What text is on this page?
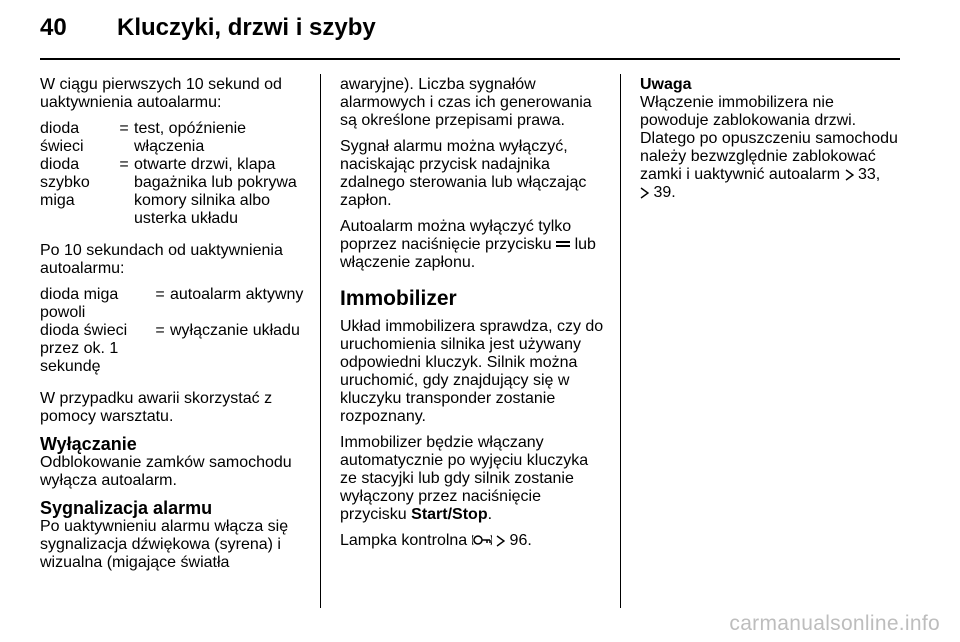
40 Kluczyki, drzwi i szyby

W ciągu pierwszych 10 sekund od uaktywnienia autoalarmu:

dioda świeci
= test, opóźnienie włączenia
dioda szybko miga
= otwarte drzwi, klapa bagażnika lub pokrywa komory silnika albo usterka układu

Po 10 sekundach od uaktywnienia autoalarmu:

dioda miga powoli
= autoalarm aktywny
dioda świeci przez ok. 1 sekundę
= wyłączanie układu

W przypadku awarii skorzystać z pomocy warsztatu.

Wyłączanie

Odblokowanie zamków samochodu wyłącza autoalarm.

Sygnalizacja alarmu

Po uaktywnieniu alarmu włącza się sygnalizacja dźwiękowa (syrena) i wizualna (migające światła

awaryjne). Liczba sygnałów alarmowych i czas ich generowania są określone przepisami prawa.

Sygnał alarmu można wyłączyć, naciskając przycisk nadajnika zdalnego sterowania lub włączając zapłon.

Autoalarm można wyłączyć tylko poprzez naciśnięcie przycisku lub włączenie zapłonu.

Immobilizer

Układ immobilizera sprawdza, czy do uruchomienia silnika jest używany odpowiedni kluczyk. Silnik można uruchomić, gdy znajdujący się w kluczyku transponder zostanie rozpoznany.

Immobilizer będzie włączany automatycznie po wyjęciu kluczyka ze stacyjki lub gdy silnik zostanie wyłączony przez naciśnięcie przycisku Start/Stop.

Lampka kontrolna	96.

Uwaga

Włączenie immobilizera nie powoduje zablokowania drzwi. Dlatego po opuszczeniu samochodu należy bezwzględnie zablokować zamki i uaktywnić autoalarm 33,
39.

carmanualsonline.info
